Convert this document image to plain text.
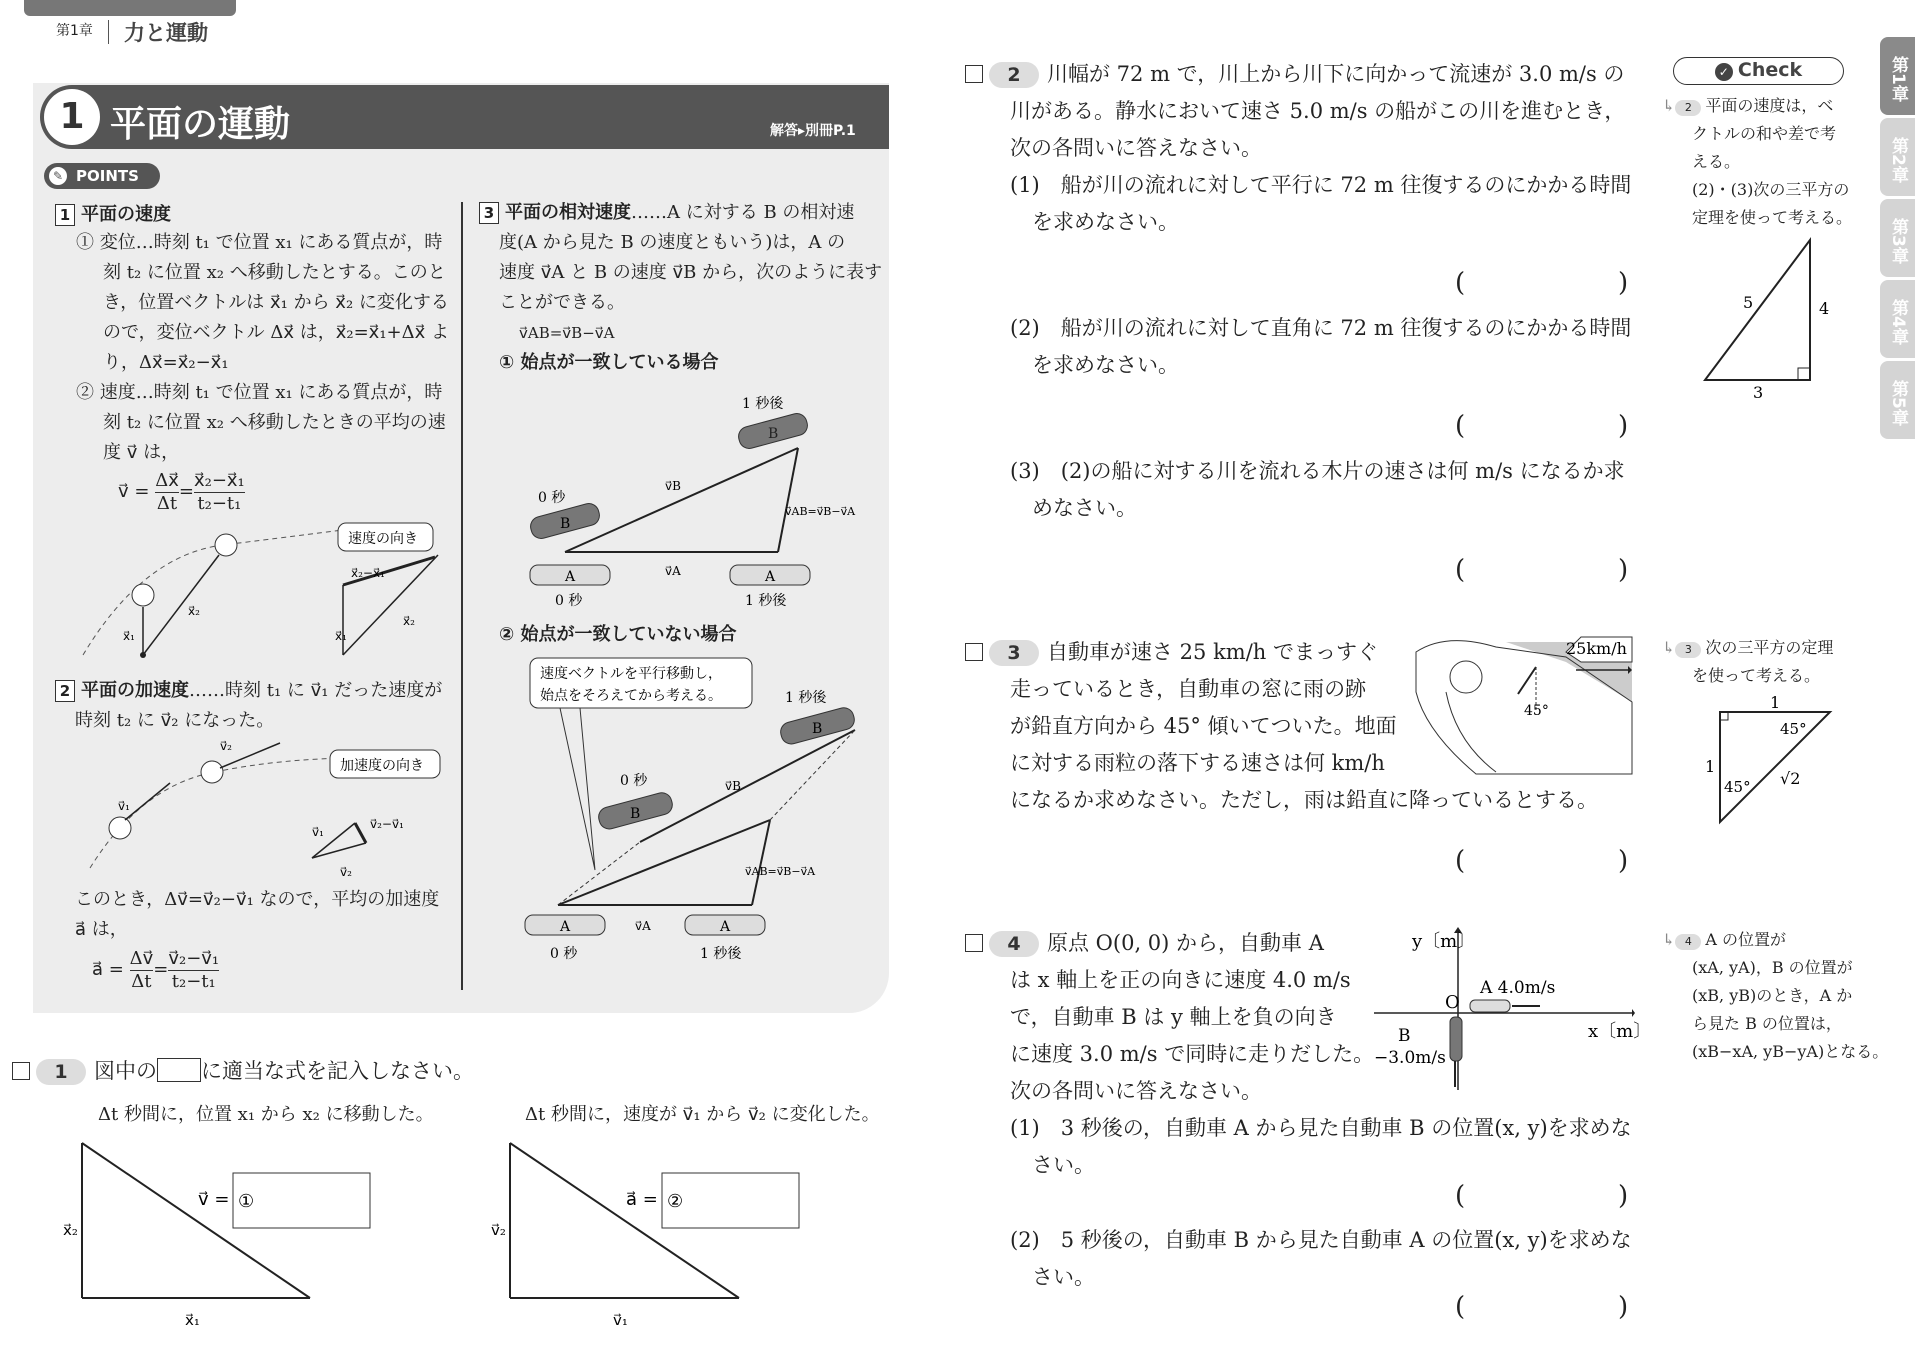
第1章 力と運動
1 平面の運動	解答▸別冊P.1
POINTS
✎
1 平面の速度
① 変位…時刻 t₁ で位置 x₁ にある質点が，時
刻 t₂ に位置 x₂ へ移動したとする。このと
き，位置ベクトルは x⃗₁ から x⃗₂ に変化する
ので，変位ベクトル Δx⃗ は，x⃗₂=x⃗₁+Δx⃗ よ
り，Δx⃗=x⃗₂−x⃗₁
② 速度…時刻 t₁ で位置 x₁ にある質点が，時
刻 t₂ に位置 x₂ へ移動したときの平均の速
度 v⃗ は，
v⃗ = $\frac{\Delta x⃗}{\Delta t} = \frac{\text{x⃗₂−x⃗₁}}{\text{t₂−t₁}}$
x⃗₁
x⃗₂
x⃗₁
x⃗₂
x⃗₂−x⃗₁
速度の向き
2 平面の加速度……時刻 t₁ に v⃗₁ だった速度が
時刻 t₂ に v⃗₂ になった。
v⃗₁
v⃗₂
v⃗₁
v⃗₂
v⃗₂−v⃗₁
加速度の向き
このとき，Δv⃗=v⃗₂−v⃗₁ なので，平均の加速度
a⃗ は，
a⃗ = $\frac{\Delta v⃗}{\Delta t} = \frac{\text{v⃗₂−v⃗₁}}{\text{t₂−t₁}}$
3 平面の相対速度……A に対する B の相対速
度(A から見た B の速度ともいう)は，A の
速度 v⃗A と B の速度 v⃗B から，次のように表す
ことができる。
v⃗AB=v⃗B−v⃗A
① 始点が一致している場合
1 秒後
B
0 秒
B
v⃗B
v⃗A
v⃗AB=v⃗B−v⃗A
A	A
0 秒	1 秒後
② 始点が一致していない場合
速度ベクトルを平行移動し，
始点をそろえてから考える。	1 秒後
B
0 秒
B
v⃗B
v⃗A
v⃗AB=v⃗B−v⃗A
A	A
0 秒	1 秒後
1 図中の に適当な式を記入しなさい。
Δt 秒間に，位置 x₁ から x₂ に移動した。	Δt 秒間に，速度が v⃗₁ から v⃗₂ に変化した。
x⃗₂
x⃗₁
v⃗ = ①
v⃗₂
v⃗₁
a⃗ = ②
2 川幅が 72 m で，川上から川下に向かって流速が 3.0 m/s の
川がある。静水において速さ 5.0 m/s の船がこの川を進むとき，
次の各問いに答えなさい。
(1)　 船が川の流れに対して平行に 72 m 往復するのにかかる時間
を求めなさい。
(2)　 船が川の流れに対して直角に 72 m 往復するのにかかる時間
を求めなさい。
(3)　 (2)の船に対する川を流れる木片の速さは何 m/s になるか求
めなさい。
(	)
(	)
(	)
(	)
(	)
(	)
3 自動車が速さ 25 km/h でまっすぐ
走っているとき，自動車の窓に雨の跡
が鉛直方向から 45° 傾いてついた。地面
に対する雨粒の落下する速さは何 km/h
になるか求めなさい。ただし，雨は鉛直に降っているとする。
45°
25km/h
4 原点 O(0, 0) から，自動車 A
は x 軸上を正の向きに速度 4.0 m/s
で，自動車 B は y 軸上を負の向き
に速度 3.0 m/s で同時に走りだした。
次の各問いに答えなさい。
(1)　 3 秒後の，自動車 A から見た自動車 B の位置(x, y)を求めな
さい。
(2)　 5 秒後の，自動車 B から見た自動車 A の位置(x, y)を求めな
さい。
y〔m〕
x〔m〕
O
A 4.0m/s
B
−3.0m/s
✓ Check
↳ 2 平面の速度は，ベ
クトルの和や差で考
える。
(2)・(3)次の三平方の
定理を使って考える。
5	4
3
↳ 3 次の三平方の定理
を使って考える。
1
1
45°
45° √2
↳ 4 A の位置が
(xA, yA)，B の位置が
(xB, yB)のとき，A か
ら見た B の位置は，
(xB−xA, yB−yA)となる。
第1章
第2章
第3章
第4章
第5章
